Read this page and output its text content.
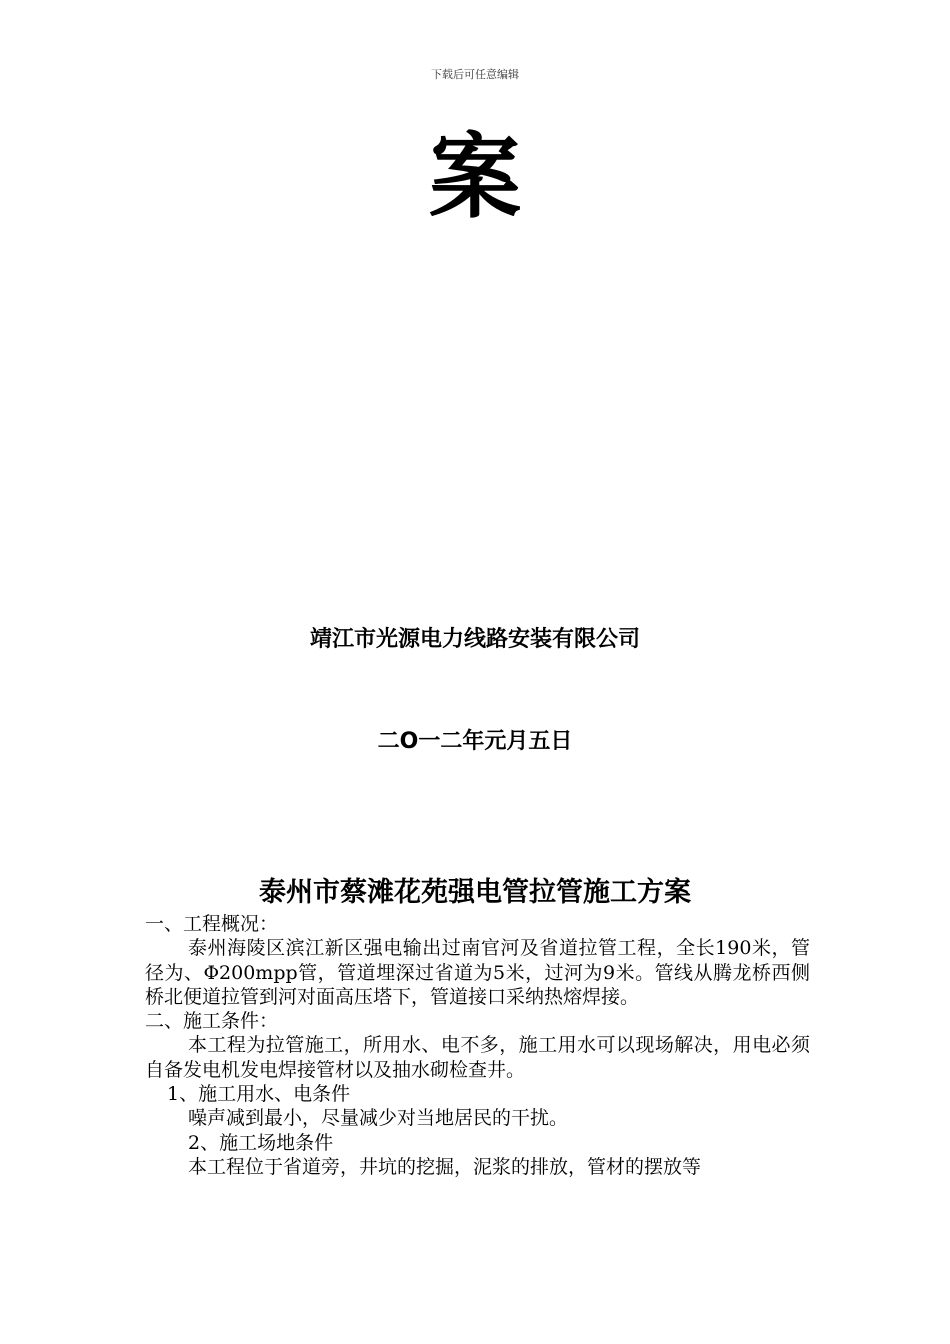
下载后可任意编辑
案
靖江市光源电力线路安装有限公司
二O一二年元月五日
泰州市蔡滩花苑强电管拉管施工方案

一、工程概况：

泰州海陵区滨江新区强电输出过南官河及省道拉管工程，全长190米，管径为、Φ200mpp管，管道埋深过省道为5米，过河为9米。管线从腾龙桥西侧桥北便道拉管到河对面高压塔下，管道接口采纳热熔焊接。

二、施工条件：

本工程为拉管施工，所用水、电不多，施工用水可以现场解决，用电必须自备发电机发电焊接管材以及抽水砌检查井。

1、施工用水、电条件

噪声减到最小，尽量减少对当地居民的干扰。

2、施工场地条件

本工程位于省道旁，井坑的挖掘，泥浆的排放，管材的摆放等
